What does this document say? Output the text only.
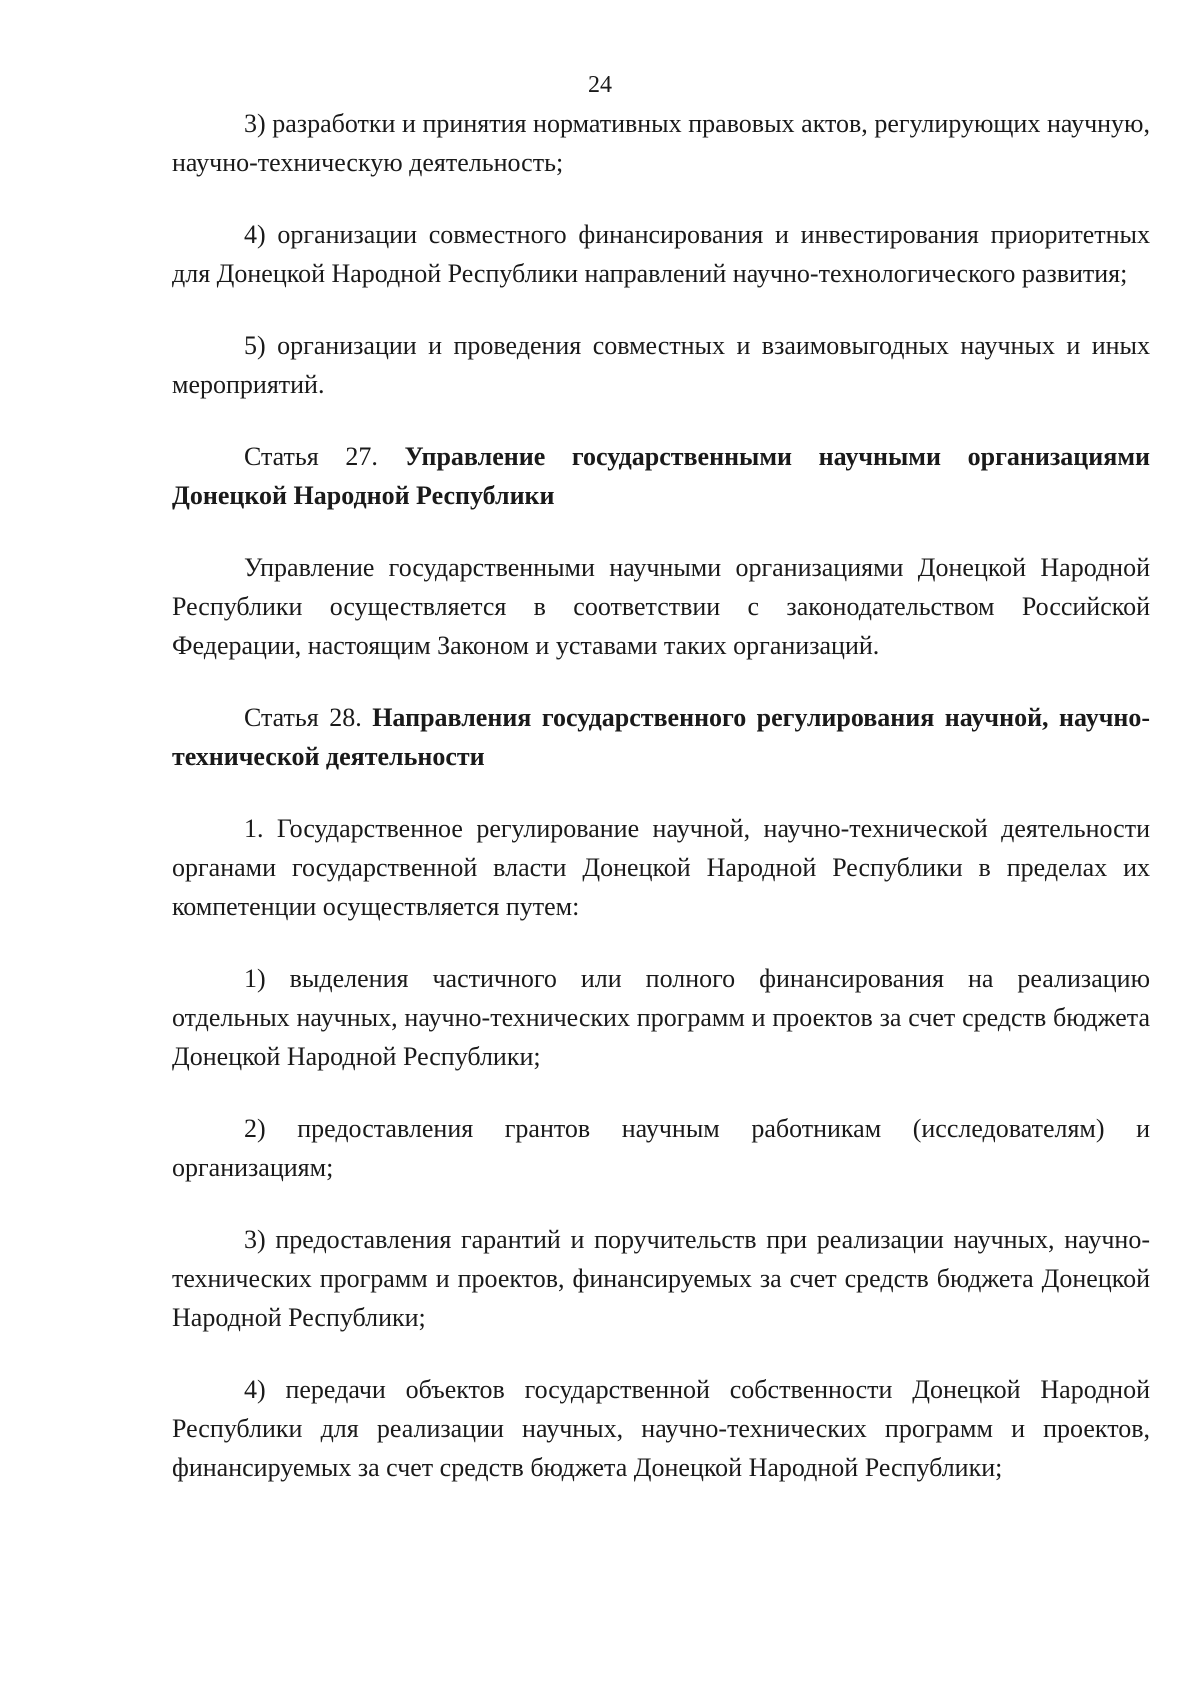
24

3) разработки и принятия нормативных правовых актов, регулирующих научную, научно-техническую деятельность;

4) организации совместного финансирования и инвестирования приоритетных для Донецкой Народной Республики направлений научно-технологического развития;

5) организации и проведения совместных и взаимовыгодных научных и иных мероприятий.

Статья 27. Управление государственными научными организациями Донецкой Народной Республики

Управление государственными научными организациями Донецкой Народной Республики осуществляется в соответствии с законодательством Российской Федерации, настоящим Законом и уставами таких организаций.

Статья 28. Направления государственного регулирования научной, научно-технической деятельности

1. Государственное регулирование научной, научно-технической деятельности органами государственной власти Донецкой Народной Республики в пределах их компетенции осуществляется путем:

1) выделения частичного или полного финансирования на реализацию отдельных научных, научно-технических программ и проектов за счет средств бюджета Донецкой Народной Республики;

2) предоставления грантов научным работникам (исследователям) и организациям;

3) предоставления гарантий и поручительств при реализации научных, научно-технических программ и проектов, финансируемых за счет средств бюджета Донецкой Народной Республики;

4) передачи объектов государственной собственности Донецкой Народной Республики для реализации научных, научно-технических программ и проектов, финансируемых за счет средств бюджета Донецкой Народной Республики;
